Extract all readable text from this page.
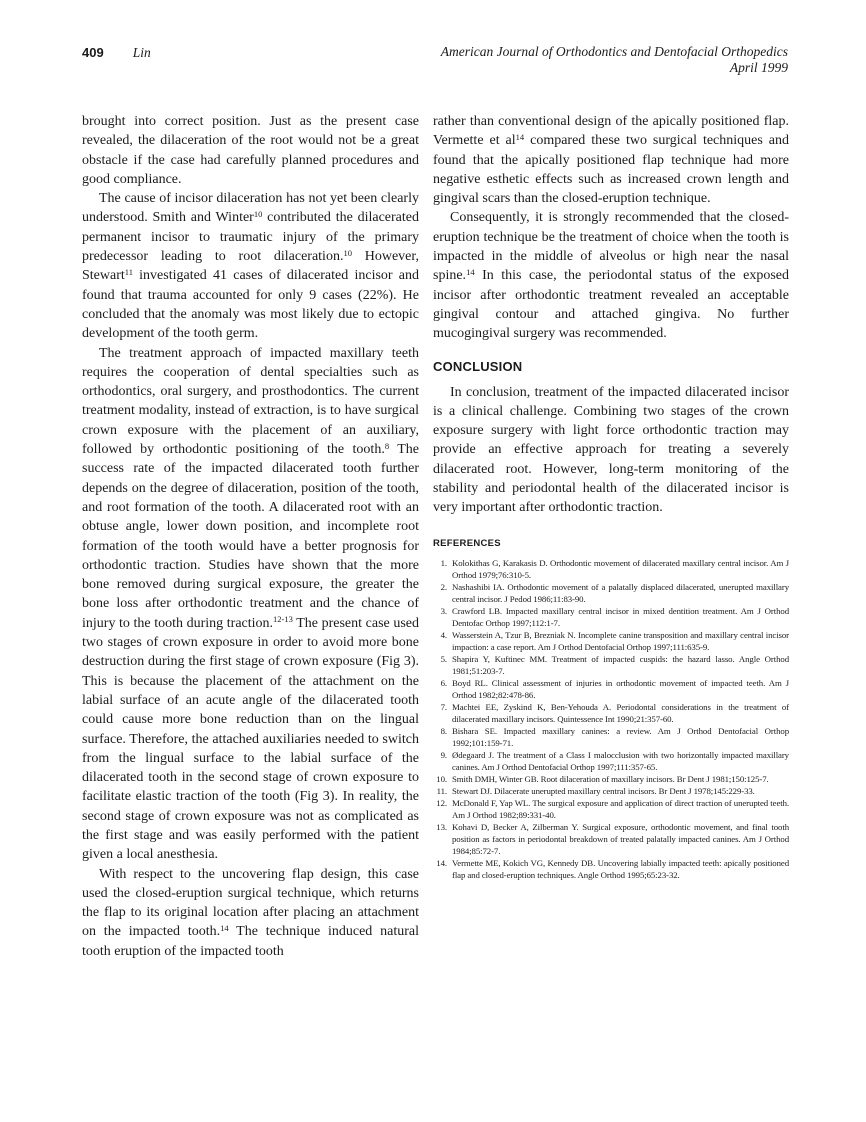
409 Lin	American Journal of Orthodontics and Dentofacial Orthopedics
April 1999
brought into correct position. Just as the present case revealed, the dilaceration of the root would not be a great obstacle if the case had carefully planned procedures and good compliance.
The cause of incisor dilaceration has not yet been clearly understood. Smith and Winter$^{10}$ contributed the dilacerated permanent incisor to traumatic injury of the primary predecessor leading to root dilaceration.$^{10}$ However, Stewart$^{11}$ investigated 41 cases of dilacerated incisor and found that trauma accounted for only 9 cases (22%). He concluded that the anomaly was most likely due to ectopic development of the tooth germ.
The treatment approach of impacted maxillary teeth requires the cooperation of dental specialties such as orthodontics, oral surgery, and prosthodontics. The current treatment modality, instead of extraction, is to have surgical crown exposure with the placement of an auxiliary, followed by orthodontic positioning of the tooth.$^8$ The success rate of the impacted dilacerated tooth further depends on the degree of dilaceration, position of the tooth, and root formation of the tooth. A dilacerated root with an obtuse angle, lower down position, and incomplete root formation of the tooth would have a better prognosis for orthodontic traction. Studies have shown that the more bone removed during surgical exposure, the greater the bone loss after orthodontic treatment and the chance of injury to the tooth during traction.$^{12-13}$ The present case used two stages of crown exposure in order to avoid more bone destruction during the first stage of crown exposure (Fig 3). This is because the placement of the attachment on the labial surface of an acute angle of the dilacerated tooth could cause more bone reduction than on the lingual surface. Therefore, the attached auxiliaries needed to switch from the lingual surface to the labial surface of the dilacerated tooth in the second stage of crown exposure to facilitate elastic traction of the tooth (Fig 3). In reality, the second stage of crown exposure was not as complicated as the first stage and was easily performed with the patient given a local anesthesia.
With respect to the uncovering flap design, this case used the closed-eruption surgical technique, which returns the flap to its original location after placing an attachment on the impacted tooth.$^{14}$ The technique induced natural tooth eruption of the impacted tooth
rather than conventional design of the apically positioned flap. Vermette et $al^{14}$ compared these two surgical techniques and found that the apically positioned flap technique had more negative esthetic effects such as increased crown length and gingival scars than the closed-eruption technique.
Consequently, it is strongly recommended that the closed-eruption technique be the treatment of choice when the tooth is impacted in the middle of alveolus or high near the nasal spine.$^{14}$ In this case, the periodontal status of the exposed incisor after orthodontic treatment revealed an acceptable gingival contour and attached gingiva. No further mucogingival surgery was recommended.
CONCLUSION
In conclusion, treatment of the impacted dilacerated incisor is a clinical challenge. Combining two stages of the crown exposure surgery with light force orthodontic traction may provide an effective approach for treating a severely dilacerated root. However, long-term monitoring of the stability and periodontal health of the dilacerated incisor is very important after orthodontic traction.
REFERENCES
1. Kolokithas G, Karakasis D. Orthodontic movement of dilacerated maxillary central incisor. Am J Orthod 1979;76:310-5.
2. Nashashibi IA. Orthodontic movement of a palatally displaced dilacerated, unerupted maxillary central incisor. J Pedod 1986;11:83-90.
3. Crawford LB. Impacted maxillary central incisor in mixed dentition treatment. Am J Orthod Dentofac Orthop 1997;112:1-7.
4. Wasserstein A, Tzur B, Brezniak N. Incomplete canine transposition and maxillary central incisor impaction: a case report. Am J Orthod Dentofacial Orthop 1997;111:635-9.
5. Shapira Y, Kuftinec MM. Treatment of impacted cuspids: the hazard lasso. Angle Orthod 1981;51:203-7.
6. Boyd RL. Clinical assessment of injuries in orthodontic movement of impacted teeth. Am J Orthod 1982;82:478-86.
7. Machtei EE, Zyskind K, Ben-Yehouda A. Periodontal considerations in the treatment of dilacerated maxillary incisors. Quintessence Int 1990;21:357-60.
8. Bishara SE. Impacted maxillary canines: a review. Am J Orthod Dentofacial Orthop 1992;101:159-71.
9. Ødegaard J. The treatment of a Class I malocclusion with two horizontally impacted maxillary canines. Am J Orthod Dentofacial Orthop 1997;111:357-65.
10. Smith DMH, Winter GB. Root dilaceration of maxillary incisors. Br Dent J 1981;150:125-7.
11. Stewart DJ. Dilacerate unerupted maxillary central incisors. Br Dent J 1978;145:229-33.
12. McDonald F, Yap WL. The surgical exposure and application of direct traction of unerupted teeth. Am J Orthod 1982;89:331-40.
13. Kohavi D, Becker A, Zilberman Y. Surgical exposure, orthodontic movement, and final tooth position as factors in periodontal breakdown of treated palatally impacted canines. Am J Orthod 1984;85:72-7.
14. Vermette ME, Kokich VG, Kennedy DB. Uncovering labially impacted teeth: apically positioned flap and closed-eruption techniques. Angle Orthod 1995;65:23-32.
